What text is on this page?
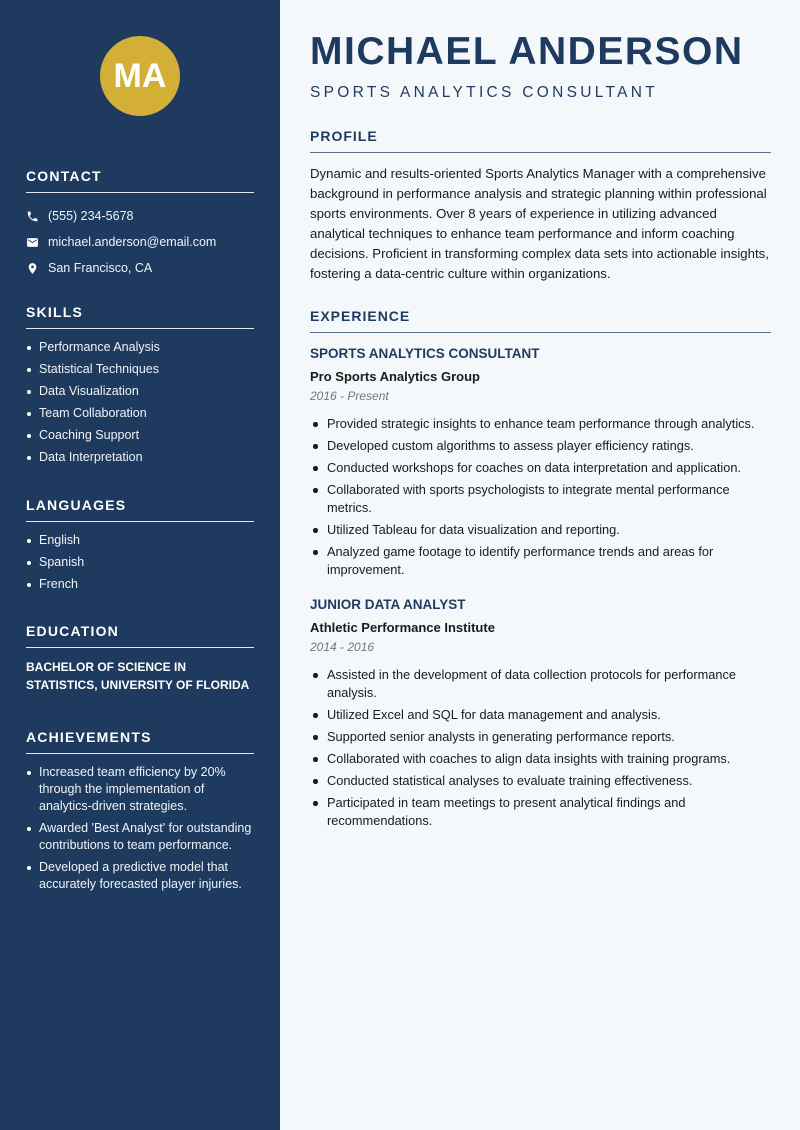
MA
CONTACT
(555) 234-5678
michael.anderson@email.com
San Francisco, CA
SKILLS
Performance Analysis
Statistical Techniques
Data Visualization
Team Collaboration
Coaching Support
Data Interpretation
LANGUAGES
English
Spanish
French
EDUCATION
BACHELOR OF SCIENCE IN STATISTICS, UNIVERSITY OF FLORIDA
ACHIEVEMENTS
Increased team efficiency by 20% through the implementation of analytics-driven strategies.
Awarded 'Best Analyst' for outstanding contributions to team performance.
Developed a predictive model that accurately forecasted player injuries.
MICHAEL ANDERSON
SPORTS ANALYTICS CONSULTANT
PROFILE
Dynamic and results-oriented Sports Analytics Manager with a comprehensive background in performance analysis and strategic planning within professional sports environments. Over 8 years of experience in utilizing advanced analytical techniques to enhance team performance and inform coaching decisions. Proficient in transforming complex data sets into actionable insights, fostering a data-centric culture within organizations.
EXPERIENCE
SPORTS ANALYTICS CONSULTANT
Pro Sports Analytics Group
2016 - Present
Provided strategic insights to enhance team performance through analytics.
Developed custom algorithms to assess player efficiency ratings.
Conducted workshops for coaches on data interpretation and application.
Collaborated with sports psychologists to integrate mental performance metrics.
Utilized Tableau for data visualization and reporting.
Analyzed game footage to identify performance trends and areas for improvement.
JUNIOR DATA ANALYST
Athletic Performance Institute
2014 - 2016
Assisted in the development of data collection protocols for performance analysis.
Utilized Excel and SQL for data management and analysis.
Supported senior analysts in generating performance reports.
Collaborated with coaches to align data insights with training programs.
Conducted statistical analyses to evaluate training effectiveness.
Participated in team meetings to present analytical findings and recommendations.
